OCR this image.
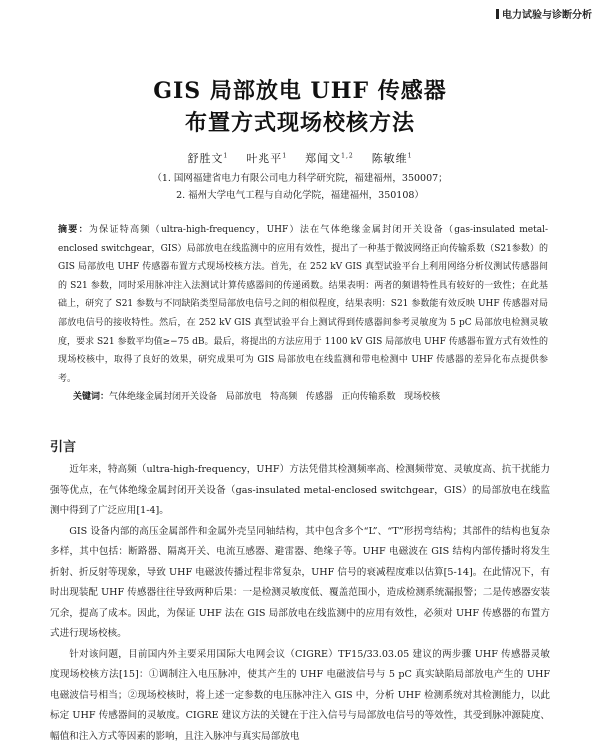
电力试验与诊断分析
GIS 局部放电 UHF 传感器
布置方式现场校核方法
舒胜文$^1$ 叶兆平$^1$ 郑闻文$^{1,2}$ 陈敏维$^1$
（1. 国网福建省电力有限公司电力科学研究院，福建福州，350007；
2. 福州大学电气工程与自动化学院，福建福州，350108）
摘要：为保证特高频（ultra-high-frequency，UHF）法在气体绝缘金属封闭开关设备（gas-insulated metal-enclosed switchgear，GIS）局部放电在线监测中的应用有效性，提出了一种基于微波网络正向传输系数（S21参数）的 GIS 局部放电 UHF 传感器布置方式现场校核方法。首先，在 252 kV GIS 真型试验平台上利用网络分析仪测试传感器间的 S21 参数，同时采用脉冲注入法测试计算传感器间的传递函数。结果表明：两者的频谱特性具有较好的一致性；在此基础上，研究了 S21 参数与不同缺陷类型局部放电信号之间的相似程度，结果表明：S21 参数能有效反映 UHF 传感器对局部放电信号的接收特性。然后，在 252 kV GIS 真型试验平台上测试得到传感器间参考灵敏度为 5 pC 局部放电检测灵敏度，要求 S21 参数平均值≥−75 dB。最后，将提出的方法应用于 1100 kV GIS 局部放电 UHF 传感器布置方式有效性的现场校核中，取得了良好的效果，研究成果可为 GIS 局部放电在线监测和带电检测中 UHF 传感器的差异化布点提供参考。
关键词：气体绝缘金属封闭开关设备 局部放电 特高频 传感器 正向传输系数 现场校核
引言

近年来，特高频（ultra-high-frequency，UHF）方法凭借其检测频率高、检测频带宽、灵敏度高、抗干扰能力强等优点，在气体绝缘金属封闭开关设备（gas-insulated metal-enclosed switchgear，GIS）的局部放电在线监测中得到了广泛应用[1-4]。

GIS 设备内部的高压金属部件和金属外壳呈同轴结构，其中包含多个“L”、“T”形拐弯结构；其部件的结构也复杂多样，其中包括：断路器、隔离开关、电流互感器、避雷器、绝缘子等。UHF 电磁波在 GIS 结构内部传播时将发生折射、折反射等现象，导致 UHF 电磁波传播过程非常复杂，UHF 信号的衰减程度难以估算[5-14]。在此情况下，有时出现装配 UHF 传感器往往导致两种后果：一是检测灵敏度低、覆盖范围小，造成检测系统漏报警；二是传感器安装冗余，提高了成本。因此，为保证 UHF 法在 GIS 局部放电在线监测中的应用有效性，必须对 UHF 传感器的布置方式进行现场校核。

针对该问题，目前国内外主要采用国际大电网会议（CIGRE）TF15/33.03.05 建议的两步骤 UHF 传感器灵敏度现场校核方法[15]：①调制注入电压脉冲，使其产生的 UHF 电磁波信号与 5 pC 真实缺陷局部放电产生的 UHF 电磁波信号相当；②现场校核时，将上述一定参数的电压脉冲注入 GIS 中，分析 UHF 检测系统对其检测能力，以此标定 UHF 传感器间的灵敏度。CIGRE 建议方法的关键在于注入信号与局部放电信号的等效性，其受到脉冲源陡度、幅值和注入方式等因素的影响，且注入脉冲与真实局部放电
